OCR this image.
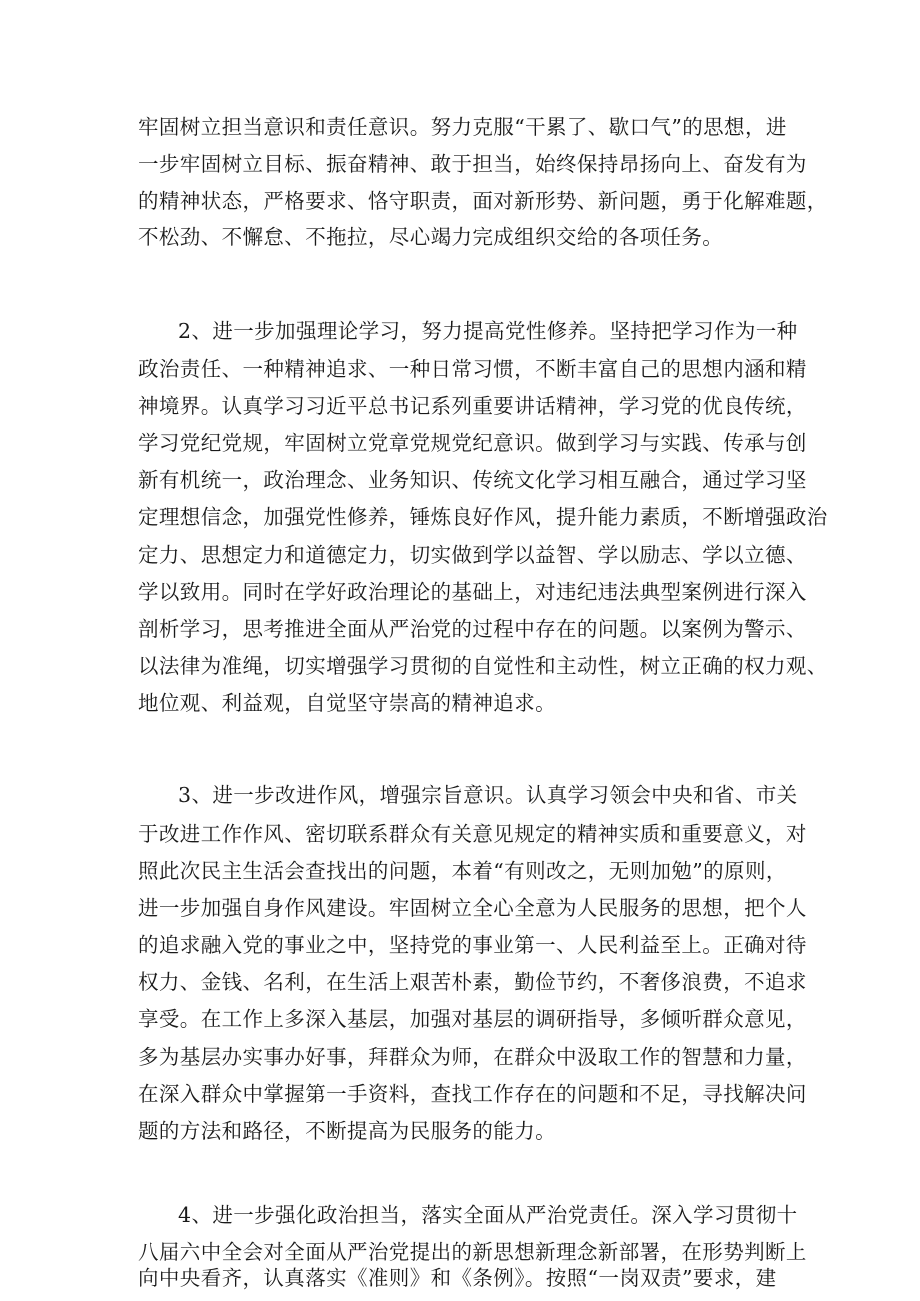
牢固树立担当意识和责任意识。努力克服“干累了、歇口气”的思想，进
一步牢固树立目标、振奋精神、敢于担当，始终保持昂扬向上、奋发有为
的精神状态，严格要求、恪守职责，面对新形势、新问题，勇于化解难题，
不松劲、不懈怠、不拖拉，尽心竭力完成组织交给的各项任务。
2、进一步加强理论学习，努力提高党性修养。坚持把学习作为一种
政治责任、一种精神追求、一种日常习惯，不断丰富自己的思想内涵和精
神境界。认真学习习近平总书记系列重要讲话精神，学习党的优良传统，
学习党纪党规，牢固树立党章党规党纪意识。做到学习与实践、传承与创
新有机统一，政治理念、业务知识、传统文化学习相互融合，通过学习坚
定理想信念，加强党性修养，锤炼良好作风，提升能力素质，不断增强政治
定力、思想定力和道德定力，切实做到学以益智、学以励志、学以立德、
学以致用。同时在学好政治理论的基础上，对违纪违法典型案例进行深入
剖析学习，思考推进全面从严治党的过程中存在的问题。以案例为警示、
以法律为准绳，切实增强学习贯彻的自觉性和主动性，树立正确的权力观、
地位观、利益观，自觉坚守崇高的精神追求。
3、进一步改进作风，增强宗旨意识。认真学习领会中央和省、市关
于改进工作作风、密切联系群众有关意见规定的精神实质和重要意义，对
照此次民主生活会查找出的问题，本着“有则改之，无则加勉”的原则，
进一步加强自身作风建设。牢固树立全心全意为人民服务的思想，把个人
的追求融入党的事业之中，坚持党的事业第一、人民利益至上。正确对待
权力、金钱、名利，在生活上艰苦朴素，勤俭节约，不奢侈浪费，不追求
享受。在工作上多深入基层，加强对基层的调研指导，多倾听群众意见，
多为基层办实事办好事，拜群众为师，在群众中汲取工作的智慧和力量，
在深入群众中掌握第一手资料，查找工作存在的问题和不足，寻找解决问
题的方法和路径，不断提高为民服务的能力。
4、进一步强化政治担当，落实全面从严治党责任。深入学习贯彻十
八届六中全会对全面从严治党提出的新思想新理念新部署，在形势判断上
向中央看齐，认真落实《准则》和《条例》。按照“一岗双责”要求，建
